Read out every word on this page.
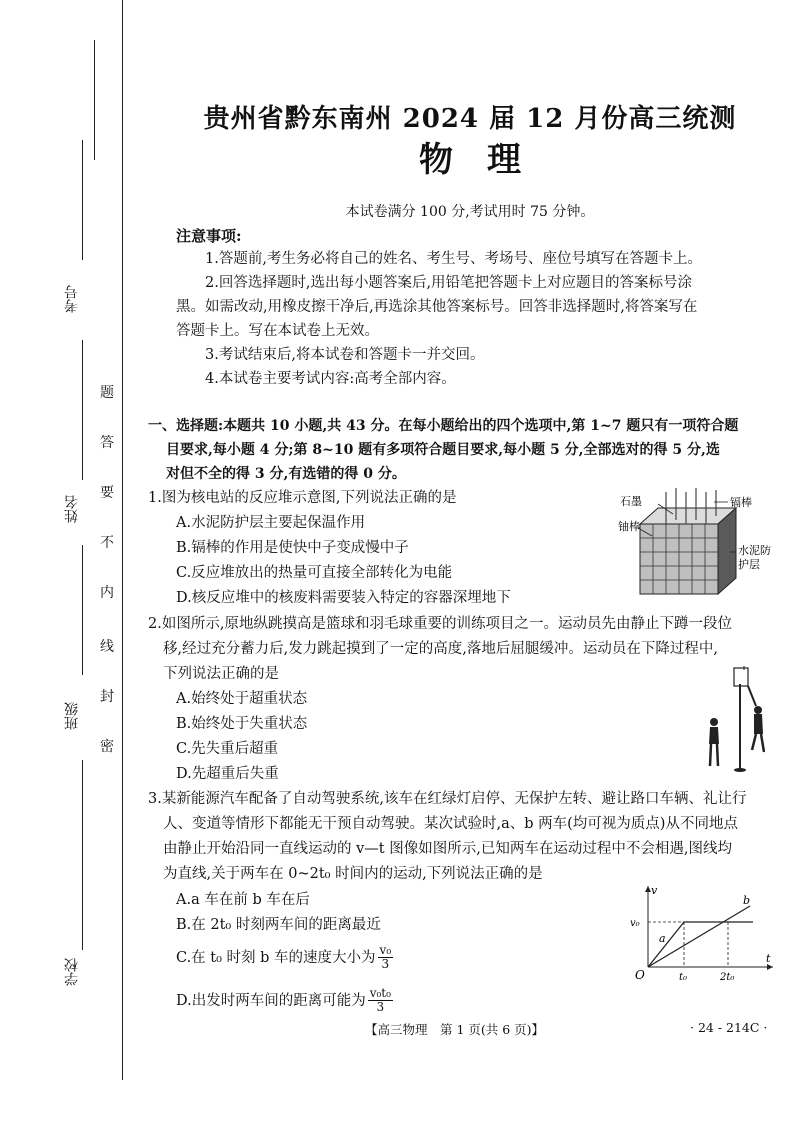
考号
姓名
班级
学校
题
答
要
不
内
线
封
密
贵州省黔东南州 2024 届 12 月份高三统测
物理
本试卷满分 100 分,考试用时 75 分钟。
注意事项:
1.答题前,考生务必将自己的姓名、考生号、考场号、座位号填写在答题卡上。
2.回答选择题时,选出每小题答案后,用铅笔把答题卡上对应题目的答案标号涂
黑。如需改动,用橡皮擦干净后,再选涂其他答案标号。回答非选择题时,将答案写在
答题卡上。写在本试卷上无效。
3.考试结束后,将本试卷和答题卡一并交回。
4.本试卷主要考试内容:高考全部内容。
一、选择题:本题共 10 小题,共 43 分。在每小题给出的四个选项中,第 1~7 题只有一项符合题
目要求,每小题 4 分;第 8~10 题有多项符合题目要求,每小题 5 分,全部选对的得 5 分,选
对但不全的得 3 分,有选错的得 0 分。
1.图为核电站的反应堆示意图,下列说法正确的是
A.水泥防护层主要起保温作用
B.镉棒的作用是使快中子变成慢中子
C.反应堆放出的热量可直接全部转化为电能
D.核反应堆中的核废料需要装入特定的容器深埋地下
石墨	镉棒
铀棒
水泥防
护层
2.如图所示,原地纵跳摸高是篮球和羽毛球重要的训练项目之一。运动员先由静止下蹲一段位
移,经过充分蓄力后,发力跳起摸到了一定的高度,落地后屈腿缓冲。运动员在下降过程中,
下列说法正确的是
A.始终处于超重状态
B.始终处于失重状态
C.先失重后超重
D.先超重后失重
3.某新能源汽车配备了自动驾驶系统,该车在红绿灯启停、无保护左转、避让路口车辆、礼让行
人、变道等情形下都能无干预自动驾驶。某次试验时,a、b 两车(均可视为质点)从不同地点
由静止开始沿同一直线运动的 v—t 图像如图所示,已知两车在运动过程中不会相遇,图线均
为直线,关于两车在 0~2t₀ 时间内的运动,下列说法正确的是
A.a 车在前 b 车在后
B.在 2t₀ 时刻两车间的距离最近
C.在 t₀ 时刻 b 车的速度大小为 $\frac{\text{v₀}}{3}$
D.出发时两车间的距离可能为 $\frac{\text{v₀t₀}}{3}$
v
t
O
v₀
t₀	2t₀
a
b
【高三物理　第 1 页(共 6 页)】	· 24 - 214C ·
